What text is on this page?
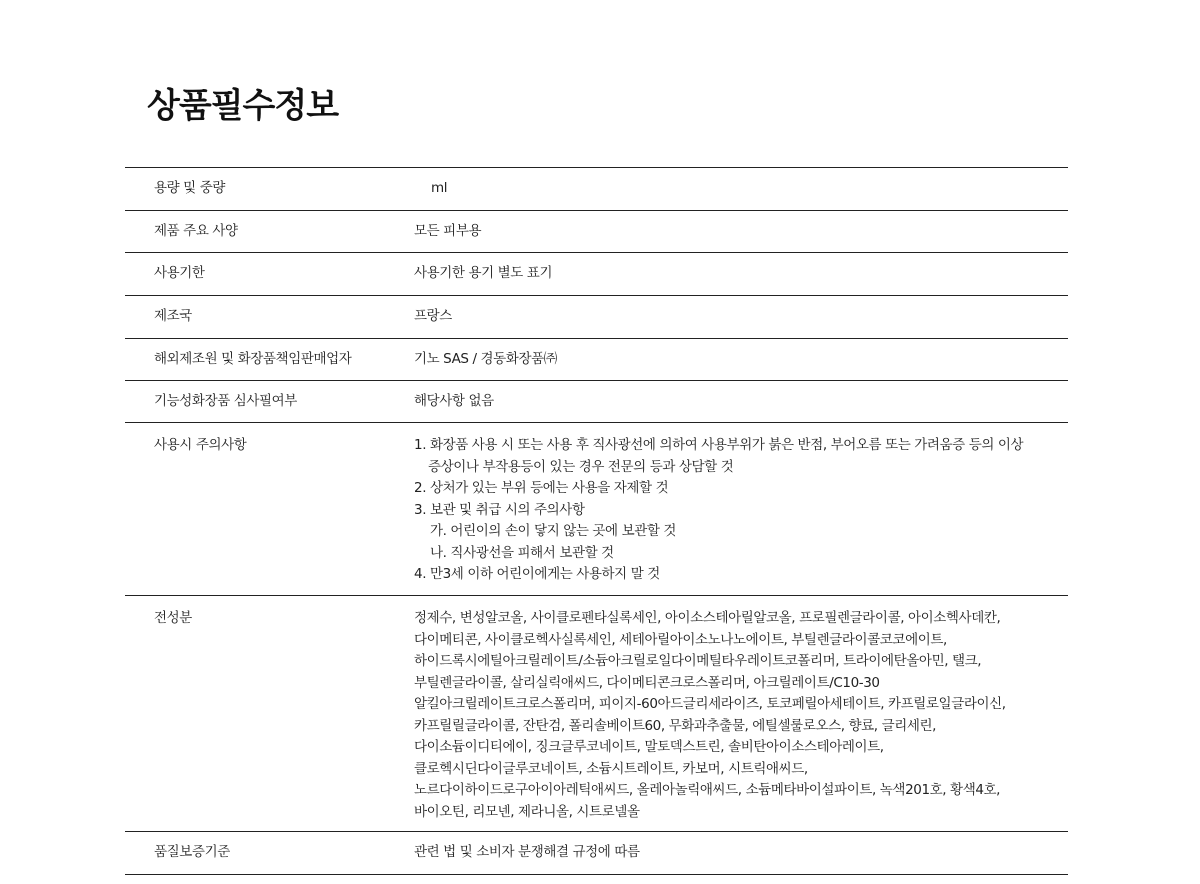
상품필수정보
용량 및 중량	ml
제품 주요 사양	모든 피부용
사용기한	사용기한 용기 별도 표기
제조국	프랑스
해외제조원 및 화장품책임판매업자	기노 SAS / 경동화장품㈜
기능성화장품 심사필여부	해당사항 없음
사용시 주의사항	1. 화장품 사용 시 또는 사용 후 직사광선에 의하여 사용부위가 붉은 반점, 부어오름 또는 가려움증 등의 이상
증상이나 부작용등이 있는 경우 전문의 등과 상담할 것
2. 상처가 있는 부위 등에는 사용을 자제할 것
3. 보관 및 취급 시의 주의사항
가. 어린이의 손이 닿지 않는 곳에 보관할 것
나. 직사광선을 피해서 보관할 것
4. 만3세 이하 어린이에게는 사용하지 말 것
전성분	정제수, 변성알코올, 사이클로펜타실록세인, 아이소스테아릴알코올, 프로필렌글라이콜, 아이소헥사데칸,
다이메티콘, 사이클로헥사실록세인, 세테아릴아이소노나노에이트, 부틸렌글라이콜코코에이트,
하이드록시에틸아크릴레이트/소듐아크릴로일다이메틸타우레이트코폴리머, 트라이에탄올아민, 탤크,
부틸렌글라이콜, 살리실릭애씨드, 다이메티콘크로스폴리머, 아크릴레이트/C10-30
알킬아크릴레이트크로스폴리머, 피이지-60아드글리세라이즈, 토코페릴아세테이트, 카프릴로일글라이신,
카프릴릴글라이콜, 잔탄검, 폴리솔베이트60, 무화과추출물, 에틸셀룰로오스, 향료, 글리세린,
다이소듐이디티에이, 징크글루코네이트, 말토덱스트린, 솔비탄아이소스테아레이트,
클로헥시딘다이글루코네이트, 소듐시트레이트, 카보머, 시트릭애씨드,
노르다이하이드로구아이아레틱애씨드, 올레아놀릭애씨드, 소듐메타바이설파이트, 녹색201호, 황색4호,
바이오틴, 리모넨, 제라니올, 시트로넬올
품질보증기준	관련 법 및 소비자 분쟁해결 규정에 따름
